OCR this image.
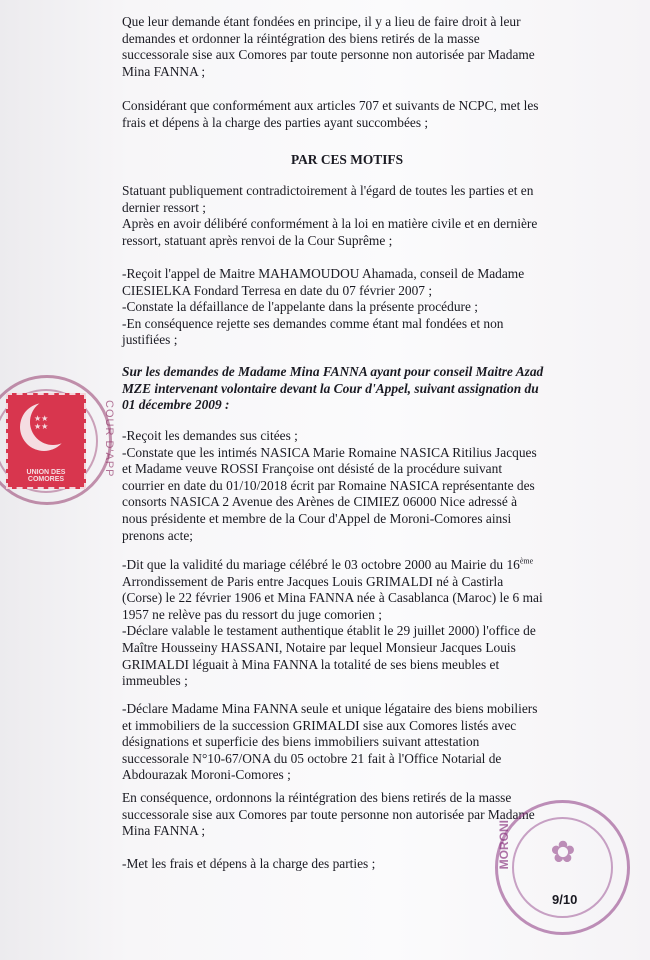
Que leur demande étant fondées en principe, il y a lieu de faire droit à leur
demandes et ordonner la réintégration des biens retirés de la masse
successorale sise aux Comores par toute personne non autorisée par Madame
Mina FANNA ;

Considérant que conformément aux articles 707 et suivants de NCPC, met les
frais et dépens à la charge des parties ayant succombées ;

PAR CES MOTIFS

Statuant publiquement contradictoirement à l'égard de toutes les parties et en
dernier ressort ;
Après en avoir délibéré conformément à la loi en matière civile et en dernière
ressort, statuant après renvoi de la Cour Suprême ;

-Reçoit l'appel de Maitre MAHAMOUDOU Ahamada, conseil de Madame
CIESIELKA Fondard Terresa en date du 07 février 2007 ;
-Constate la défaillance de l'appelante dans la présente procédure ;
-En conséquence rejette ses demandes comme étant mal fondées et non
justifiées ;

Sur les demandes de Madame Mina FANNA ayant pour conseil Maitre Azad
MZE intervenant volontaire devant la Cour d'Appel, suivant assignation du
01 décembre 2009 :

-Reçoit les demandes sus citées ;
-Constate que les intimés NASICA Marie Romaine NASICA Ritilius Jacques
et Madame veuve ROSSI Françoise ont désisté de la procédure suivant
courrier en date du 01/10/2018 écrit par Romaine NASICA représentante des
consorts NASICA 2 Avenue des Arènes de CIMIEZ 06000 Nice adressé à
nous présidente et membre de la Cour d'Appel de Moroni-Comores ainsi
prenons acte;

-Dit que la validité du mariage célébré le 03 octobre 2000 au Mairie du 16ème
Arrondissement de Paris entre Jacques Louis GRIMALDI né à Castirla
(Corse) le 22 février 1906 et Mina FANNA née à Casablanca (Maroc) le 6 mai
1957 ne relève pas du ressort du juge comorien ;
-Déclare valable le testament authentique établit le 29 juillet 2000) l'office de
Maître Housseiny HASSANI, Notaire par lequel Monsieur Jacques Louis
GRIMALDI léguait à Mina FANNA la totalité de ses biens meubles et
immeubles ;

-Déclare Madame Mina FANNA seule et unique légataire des biens mobiliers
et immobiliers de la succession GRIMALDI sise aux Comores listés avec
désignations et superficie des biens immobiliers suivant attestation
successorale N°10-67/ONA du 05 octobre 21 fait à l'Office Notarial de
Abdourazak Moroni-Comores ;

En conséquence, ordonnons la réintégration des biens retirés de la masse
successorale sise aux Comores par toute personne non autorisée par Madame
Mina FANNA ;

-Met les frais et dépens à la charge des parties ;

COUR D'APP
★★
★★
UNION DES COMORES
✿
MORONI
9/10
